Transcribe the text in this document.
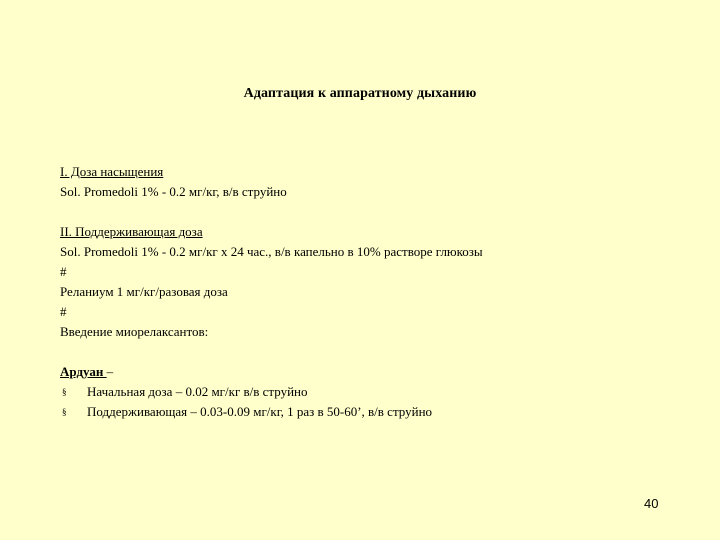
Адаптация к аппаратному дыханию
I. Доза насыщения
Sol. Promedoli 1% - 0.2 мг/кг, в/в струйно
II. Поддерживающая доза
Sol. Promedoli 1% - 0.2 мг/кг х 24 час., в/в капельно в 10% растворе глюкозы
#
Реланиум 1 мг/кг/разовая доза
#
Введение миорелаксантов:
Ардуан –
§	Начальная доза – 0.02 мг/кг в/в струйно
§	Поддерживающая – 0.03-0.09 мг/кг, 1 раз в 50-60’, в/в струйно
40
